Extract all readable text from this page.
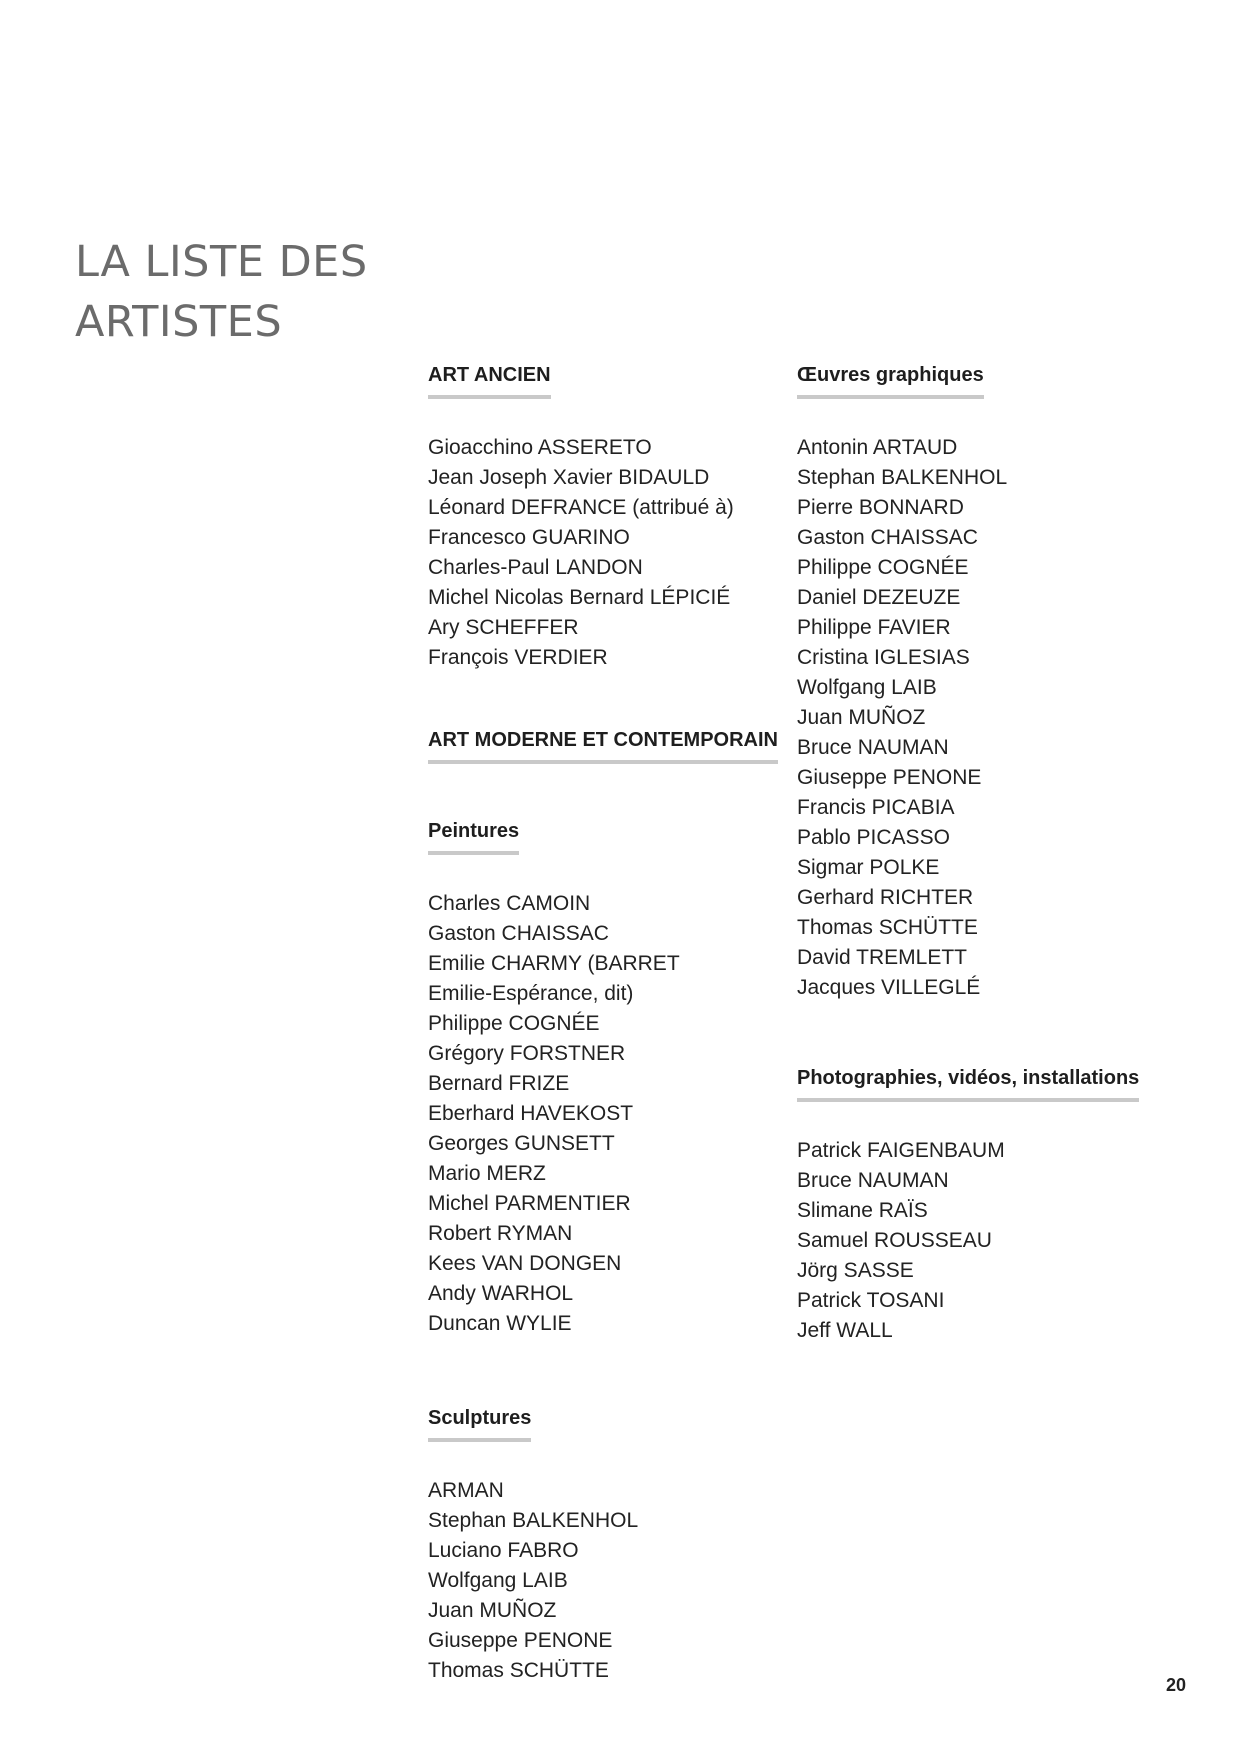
LA LISTE DES
ARTISTES
ART ANCIEN
Gioacchino ASSERETO
Jean Joseph Xavier BIDAULD
Léonard DEFRANCE (attribué à)
Francesco GUARINO
Charles-Paul LANDON
Michel Nicolas Bernard LÉPICIÉ
Ary SCHEFFER
François VERDIER
ART MODERNE ET CONTEMPORAIN
Peintures
Charles CAMOIN
Gaston CHAISSAC
Emilie CHARMY (BARRET Emilie-Espérance, dit)
Philippe COGNÉE
Grégory FORSTNER
Bernard FRIZE
Eberhard HAVEKOST
Georges GUNSETT
Mario MERZ
Michel PARMENTIER
Robert RYMAN
Kees VAN DONGEN
Andy WARHOL
Duncan WYLIE
Sculptures
ARMAN
Stephan BALKENHOL
Luciano FABRO
Wolfgang LAIB
Juan MUÑOZ
Giuseppe PENONE
Thomas SCHÜTTE
Œuvres graphiques
Antonin ARTAUD
Stephan BALKENHOL
Pierre BONNARD
Gaston CHAISSAC
Philippe COGNÉE
Daniel DEZEUZE
Philippe FAVIER
Cristina IGLESIAS
Wolfgang LAIB
Juan MUÑOZ
Bruce NAUMAN
Giuseppe PENONE
Francis PICABIA
Pablo PICASSO
Sigmar POLKE
Gerhard RICHTER
Thomas SCHÜTTE
David TREMLETT
Jacques VILLEGLÉ
Photographies, vidéos, installations
Patrick FAIGENBAUM
Bruce NAUMAN
Slimane RAÏS
Samuel ROUSSEAU
Jörg SASSE
Patrick TOSANI
Jeff WALL
20
